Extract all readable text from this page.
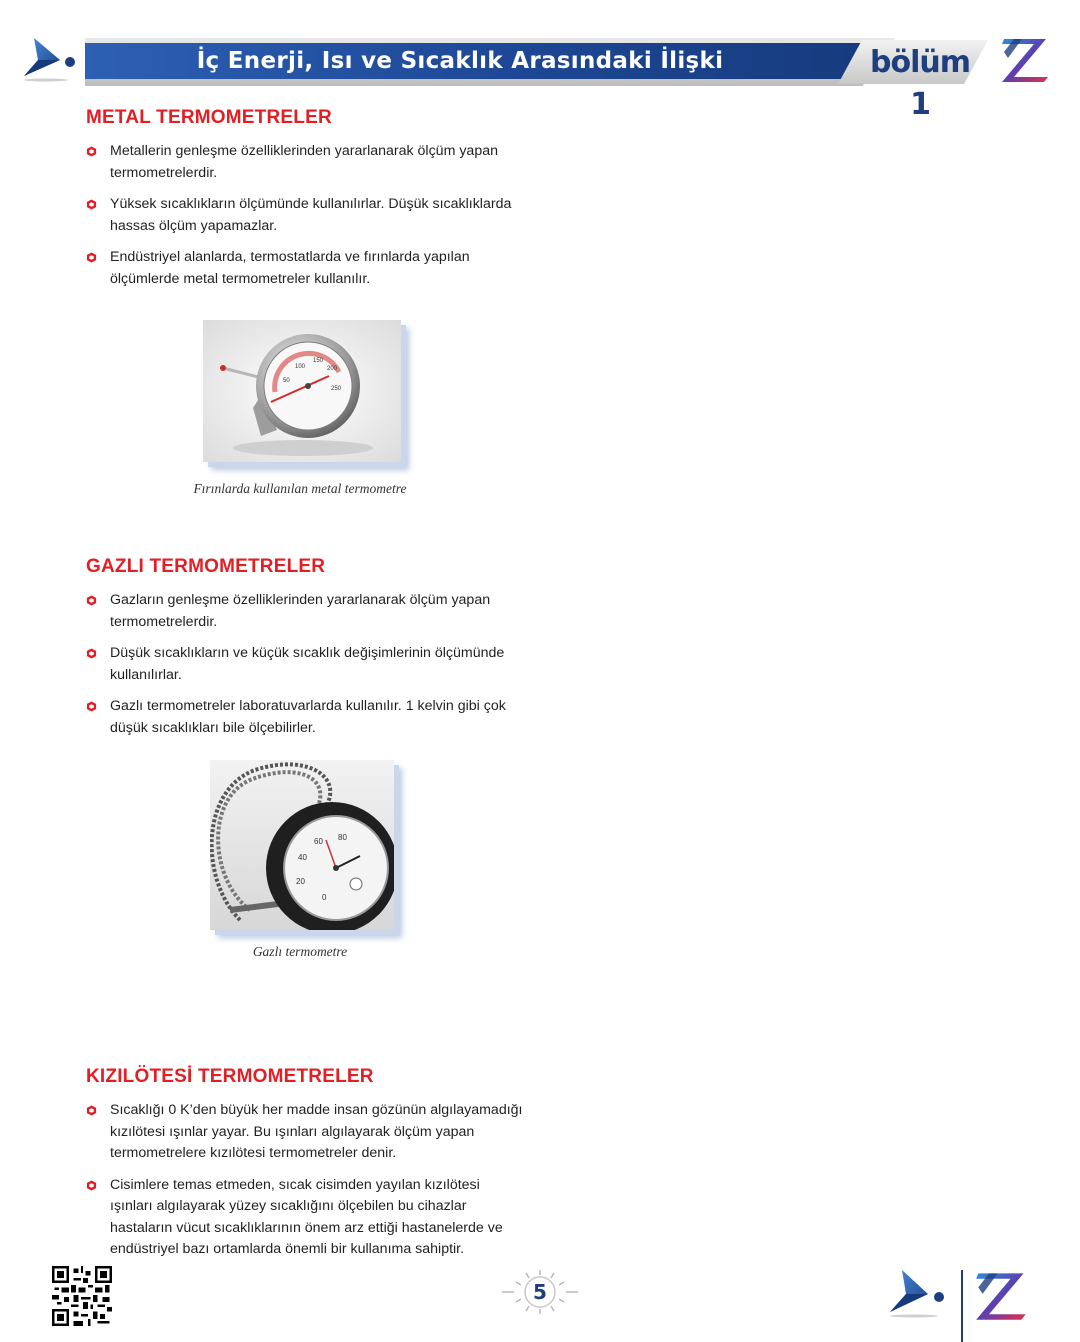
İç Enerji, Isı ve Sıcaklık Arasındaki İlişki	bölüm 1
METAL TERMOMETRELER
Metallerin genleşme özelliklerinden yararlanarak ölçüm yapan termometrelerdir.
Yüksek sıcaklıkların ölçümünde kullanılırlar. Düşük sıcaklıklarda hassas ölçüm yapamazlar.
Endüstriyel alanlarda, termostatlarda ve fırınlarda yapılan ölçümlerde metal termometreler kullanılır.
100
150
200
250
50
Fırınlarda kullanılan metal termometre
GAZLI TERMOMETRELER
Gazların genleşme özelliklerinden yararlanarak ölçüm yapan termometrelerdir.
Düşük sıcaklıkların ve küçük sıcaklık değişimlerinin ölçümünde kullanılırlar.
Gazlı termometreler laboratuvarlarda kullanılır. 1 kelvin gibi çok düşük sıcaklıkları bile ölçebilirler.
20
40
60 80
0
Gazlı termometre
KIZILÖTESİ TERMOMETRELER
Sıcaklığı 0 K’den büyük her madde insan gözünün algılayamadığı kızılötesi ışınlar yayar. Bu ışınları algılayarak ölçüm yapan termometrelere kızılötesi termometreler denir.
Cisimlere temas etmeden, sıcak cisimden yayılan kızılötesi ışınları algılayarak yüzey sıcaklığını ölçebilen bu cihazlar hastaların vücut sıcaklıklarının önem arz ettiği hastanelerde ve endüstriyel bazı ortamlarda önemli bir kullanıma sahiptir.
5
